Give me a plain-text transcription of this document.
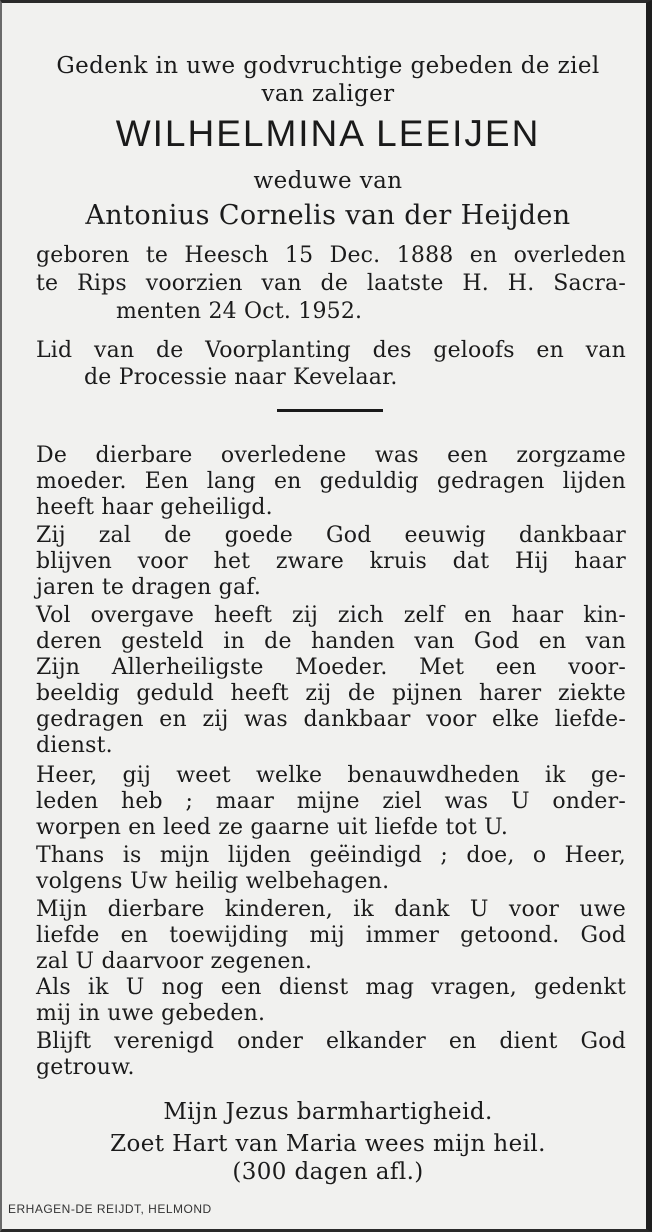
Gedenk in uwe godvruchtige gebeden de ziel
van zaliger
WILHELMINA LEEIJEN
weduwe van
Antonius Cornelis van der Heijden
geboren te Heesch 15 Dec. 1888 en overleden
te Rips voorzien van de laatste H. H. Sacra-
menten 24 Oct. 1952.
Lid van de Voorplanting des geloofs en van
de Processie naar Kevelaar.
De dierbare overledene was een zorgzame
moeder. Een lang en geduldig gedragen lijden
heeft haar geheiligd.
Zij zal de goede God eeuwig dankbaar
blijven voor het zware kruis dat Hij haar
jaren te dragen gaf.
Vol overgave heeft zij zich zelf en haar kin-
deren gesteld in de handen van God en van
Zijn Allerheiligste Moeder. Met een voor-
beeldig geduld heeft zij de pijnen harer ziekte
gedragen en zij was dankbaar voor elke liefde-
dienst.
Heer, gij weet welke benauwdheden ik ge-
leden heb ; maar mijne ziel was U onder-
worpen en leed ze gaarne uit liefde tot U.
Thans is mijn lijden geëindigd ; doe, o Heer,
volgens Uw heilig welbehagen.
Mijn dierbare kinderen, ik dank U voor uwe
liefde en toewijding mij immer getoond. God
zal U daarvoor zegenen.
Als ik U nog een dienst mag vragen, gedenkt
mij in uwe gebeden.
Blijft verenigd onder elkander en dient God
getrouw.
Mijn Jezus barmhartigheid.
Zoet Hart van Maria wees mijn heil.
(300 dagen afl.)
ERHAGEN-DE REIJDT, HELMOND
